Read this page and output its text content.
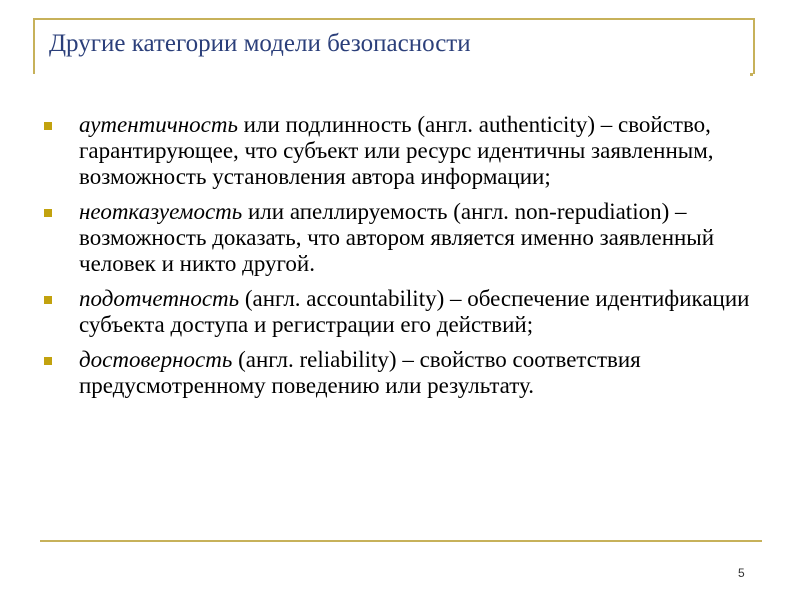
Другие категории модели безопасности
аутентичность или подлинность (англ. authenticity) – свойство, гарантирующее, что субъект или ресурс идентичны заявленным, возможность установления автора информации;
неотказуемость или апеллируемость (англ. non-repudiation) – возможность доказать, что автором является именно заявленный человек и никто другой.
подотчетность (англ. accountability) – обеспечение идентификации субъекта доступа и регистрации его действий;
достоверность (англ. reliability) – свойство соответствия предусмотренному поведению или результату.
5
